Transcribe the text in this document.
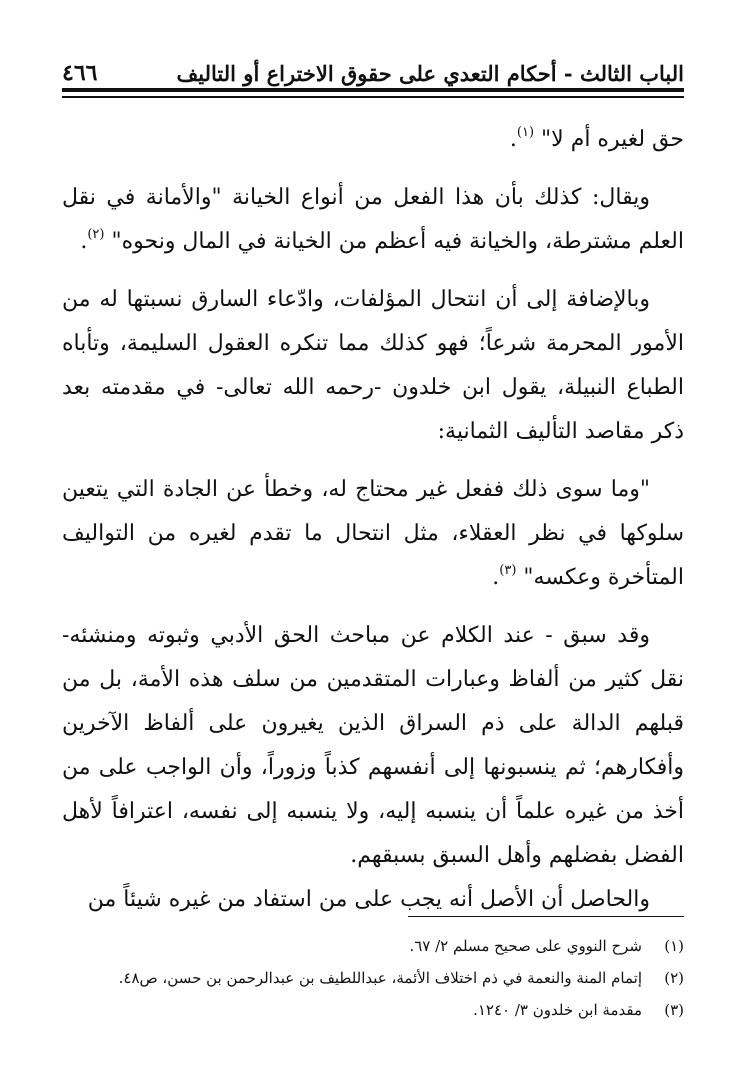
الباب الثالث - أحكام التعدي على حقوق الاختراع أو التاليف
٤٦٦

حق لغيره أم لا" $^{(١)}$.

ويقال: كذلك بأن هذا الفعل من أنواع الخيانة "والأمانة في نقل العلم مشترطة، والخيانة فيه أعظم من الخيانة في المال ونحوه" $^{(٢)}$.

وبالإضافة إلى أن انتحال المؤلفات، وادّعاء السارق نسبتها له من الأمور المحرمة شرعاً؛ فهو كذلك مما تنكره العقول السليمة، وتأباه الطباع النبيلة، يقول ابن خلدون -رحمه الله تعالى- في مقدمته بعد ذكر مقاصد التأليف الثمانية:

"وما سوى ذلك ففعل غير محتاج له، وخطأ عن الجادة التي يتعين سلوكها في نظر العقلاء، مثل انتحال ما تقدم لغيره من التواليف المتأخرة وعكسه" $^{(٣)}$.

وقد سبق - عند الكلام عن مباحث الحق الأدبي وثبوته ومنشئه- نقل كثير من ألفاظ وعبارات المتقدمين من سلف هذه الأمة، بل من قبلهم الدالة على ذم السراق الذين يغيرون على ألفاظ الآخرين وأفكارهم؛ ثم ينسبونها إلى أنفسهم كذباً وزوراً، وأن الواجب على من أخذ من غيره علماً أن ينسبه إليه، ولا ينسبه إلى نفسه، اعترافاً لأهل الفضل بفضلهم وأهل السبق بسبقهم.

والحاصل أن الأصل أنه يجب على من استفاد من غيره شيئاً من

(١)
شرح النووي على صحيح مسلم ٢/ ٦٧.
(٢)
إتمام المنة والنعمة في ذم اختلاف الأئمة، عبداللطيف بن عبدالرحمن بن حسن، ص٤٨.
(٣)
مقدمة ابن خلدون ٣/ ١٢٤٠.
